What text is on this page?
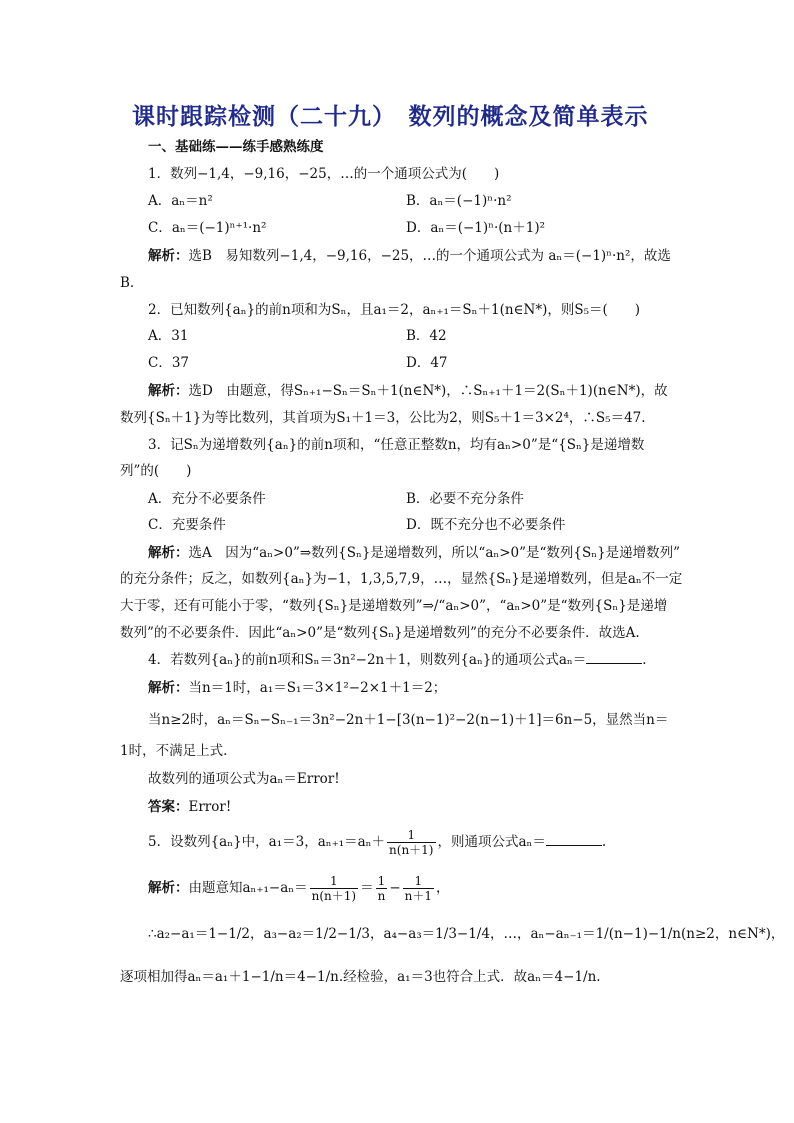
课时跟踪检测（二十九）　数列的概念及简单表示
一、基础练——练手感熟练度
1．数列−1,4，−9,16，−25，…的一个通项公式为(　　)
A．aₙ＝n²	B．aₙ＝(−1)ⁿ·n²
C．aₙ＝(−1)ⁿ⁺¹·n²	D．aₙ＝(−1)ⁿ·(n＋1)²
解析：选B　易知数列−1,4，−9,16，−25，…的一个通项公式为 aₙ＝(−1)ⁿ·n²，故选
B.
2．已知数列{aₙ}的前n项和为Sₙ，且a₁＝2，aₙ₊₁＝Sₙ＋1(n∈N*)，则S₅＝(　　)
A．31	B．42
C．37	D．47
解析：选D　由题意，得Sₙ₊₁−Sₙ＝Sₙ＋1(n∈N*)，∴Sₙ₊₁＋1＝2(Sₙ＋1)(n∈N*)，故
数列{Sₙ＋1}为等比数列，其首项为S₁＋1＝3，公比为2，则S₅＋1＝3×2⁴，∴S₅＝47.
3．记Sₙ为递增数列{aₙ}的前n项和，“任意正整数n，均有aₙ>0”是“{Sₙ}是递增数
列”的(　　)
A．充分不必要条件	B．必要不充分条件
C．充要条件	D．既不充分也不必要条件
解析：选A　因为“aₙ>0”⇒数列{Sₙ}是递增数列，所以“aₙ>0”是“数列{Sₙ}是递增数列”
的充分条件；反之，如数列{aₙ}为−1，1,3,5,7,9，…，显然{Sₙ}是递增数列，但是aₙ不一定
大于零，还有可能小于零，“数列{Sₙ}是递增数列”⇒/“aₙ>0”，“aₙ>0”是“数列{Sₙ}是递增
数列”的不必要条件．因此“aₙ>0”是“数列{Sₙ}是递增数列”的充分不必要条件．故选A.
4．若数列{aₙ}的前n项和Sₙ＝3n²−2n＋1，则数列{aₙ}的通项公式aₙ＝	.
解析：当n＝1时，a₁＝S₁＝3×1²−2×1＋1＝2；
当n≥2时，aₙ＝Sₙ−Sₙ₋₁＝3n²−2n＋1−[3(n−1)²−2(n−1)＋1]＝6n−5，显然当n＝
1时，不满足上式.
故数列的通项公式为aₙ＝Error!
答案：Error!
5．设数列{aₙ}中，a₁＝3，$a_{n+1}=a_n+ \frac{1}{n(n+1)}$ ，则通项公式aₙ＝	.
解析：由题意知$a_{n+1}-a_n= \frac{1}{n(n+1)} = \frac{1}{n} - \frac{1}{n+1}$ ，
∴a₂−a₁＝1−1/2，a₃−a₂＝1/2−1/3，a₄−a₃＝1/3−1/4，…，aₙ−aₙ₋₁＝1/(n−1)−1/n(n≥2，n∈N*)，
逐项相加得aₙ＝a₁＋1−1/n＝4−1/n.经检验，a₁＝3也符合上式．故aₙ＝4−1/n.
